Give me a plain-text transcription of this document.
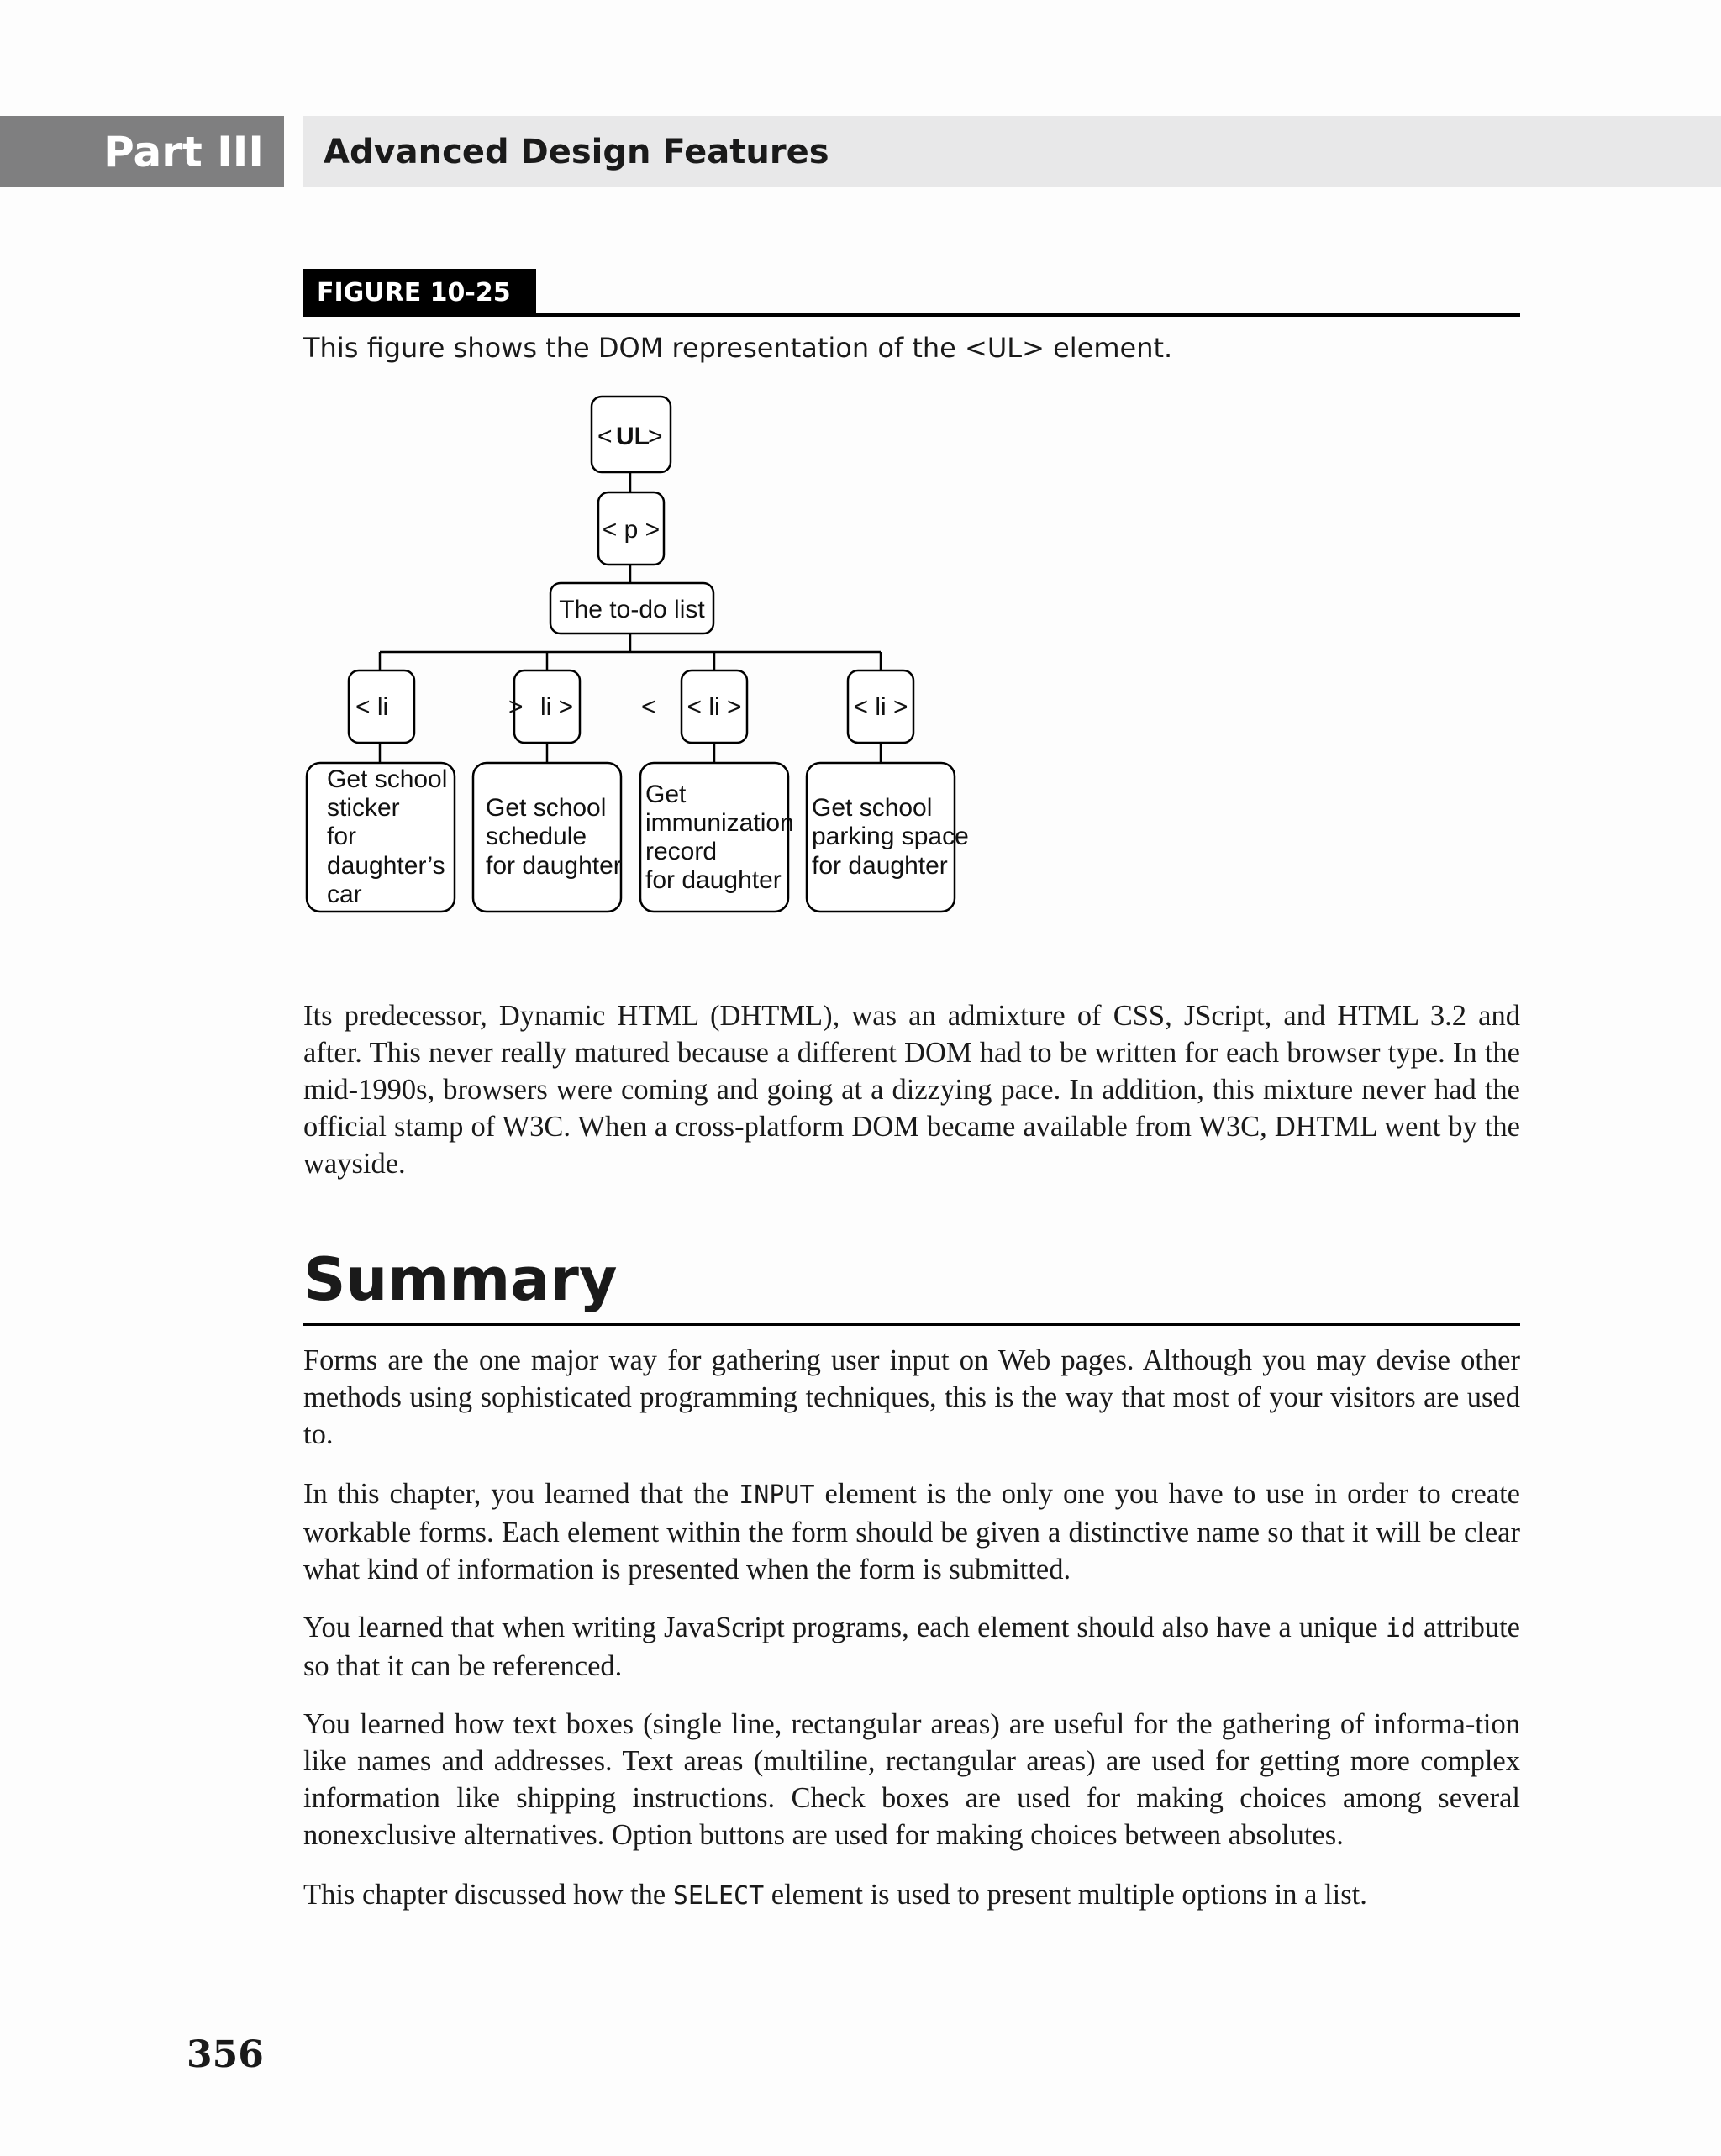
Part III	Advanced Design Features
FIGURE 10-25
This figure shows the DOM representation of the <UL> element.
< UL
>
< p >
The to-do list
< li	li >
>	< < li >	< li >
Get school
sticker
for
daughter’s
car
Get school
schedule
for daughter
Get
immunization
record
for daughter
Get school
parking space
for daughter

Its predecessor, Dynamic HTML (DHTML), was an admixture of CSS, JScript, and HTML 3.2 and after. This never really matured because a different DOM had to be written for each browser type. In the mid-1990s, browsers were coming and going at a dizzying pace. In addition, this mixture never had the official stamp of W3C. When a cross-platform DOM became available from W3C, DHTML went by the wayside.

Summary

Forms are the one major way for gathering user input on Web pages. Although you may devise other methods using sophisticated programming techniques, this is the way that most of your visitors are used to.

In this chapter, you learned that the INPUT element is the only one you have to use in order to create workable forms. Each element within the form should be given a distinctive name so that it will be clear what kind of information is presented when the form is submitted.

You learned that when writing JavaScript programs, each element should also have a unique id attribute so that it can be referenced.

You learned how text boxes (single line, rectangular areas) are useful for the gathering of informa-tion like names and addresses. Text areas (multiline, rectangular areas) are used for getting more complex information like shipping instructions. Check boxes are used for making choices among several nonexclusive alternatives. Option buttons are used for making choices between absolutes.

This chapter discussed how the SELECT element is used to present multiple options in a list.

356
